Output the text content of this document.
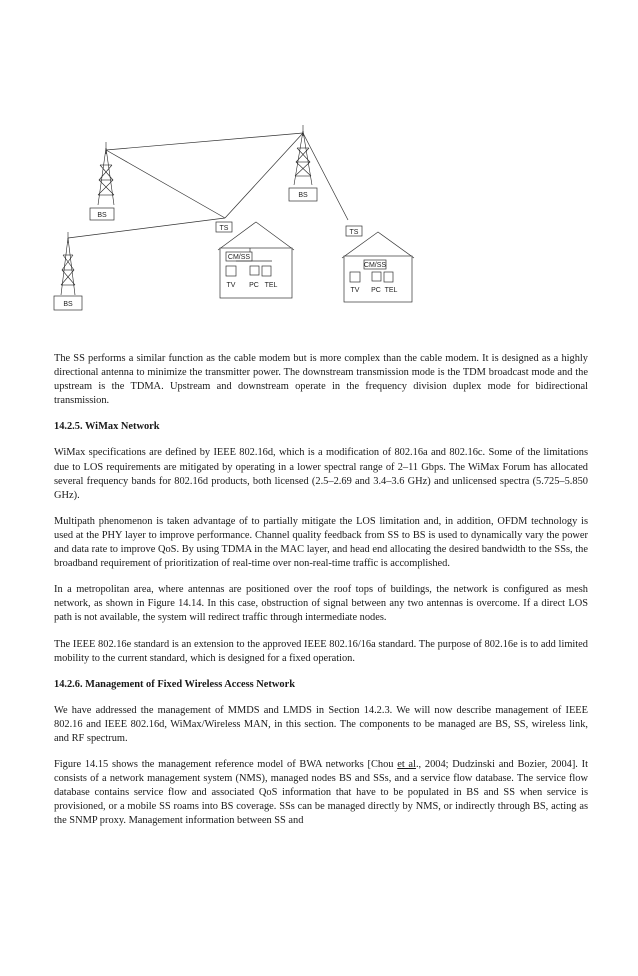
BS
BS
BS
TS
CM/SS
TV PC TEL
TS
CM/SS
TV PC TEL

The SS performs a similar function as the cable modem but is more complex than the cable modem. It is designed as a highly directional antenna to minimize the transmitter power. The downstream transmission mode is the TDM broadcast mode and the upstream is the TDMA. Upstream and downstream operate in the frequency division duplex mode for bidirectional transmission.

14.2.5. WiMax Network

WiMax specifications are defined by IEEE 802.16d, which is a modification of 802.16a and 802.16c. Some of the limitations due to LOS requirements are mitigated by operating in a lower spectral range of 2–11 Gbps. The WiMax Forum has allocated several frequency bands for 802.16d products, both licensed (2.5–2.69 and 3.4–3.6 GHz) and unlicensed spectra (5.725–5.850 GHz).

Multipath phenomenon is taken advantage of to partially mitigate the LOS limitation and, in addition, OFDM technology is used at the PHY layer to improve performance. Channel quality feedback from SS to BS is used to dynamically vary the power and data rate to improve QoS. By using TDMA in the MAC layer, and head end allocating the desired bandwidth to the SSs, the broadband requirement of prioritization of real-time over non-real-time traffic is accomplished.

In a metropolitan area, where antennas are positioned over the roof tops of buildings, the network is configured as mesh network, as shown in Figure 14.14. In this case, obstruction of signal between any two antennas is overcome. If a direct LOS path is not available, the system will redirect traffic through intermediate nodes.

The IEEE 802.16e standard is an extension to the approved IEEE 802.16/16a standard. The purpose of 802.16e is to add limited mobility to the current standard, which is designed for a fixed operation.

14.2.6. Management of Fixed Wireless Access Network

We have addressed the management of MMDS and LMDS in Section 14.2.3. We will now describe management of IEEE 802.16 and IEEE 802.16d, WiMax/Wireless MAN, in this section. The components to be managed are BS, SS, wireless link, and RF spectrum.

Figure 14.15 shows the management reference model of BWA networks [Chou et al., 2004; Dudzinski and Bozier, 2004]. It consists of a network management system (NMS), managed nodes BS and SSs, and a service flow database. The service flow database contains service flow and associated QoS information that have to be populated in BS and SS when service is provisioned, or a mobile SS roams into BS coverage. SSs can be managed directly by NMS, or indirectly through BS, acting as the SNMP proxy. Management information between SS and
